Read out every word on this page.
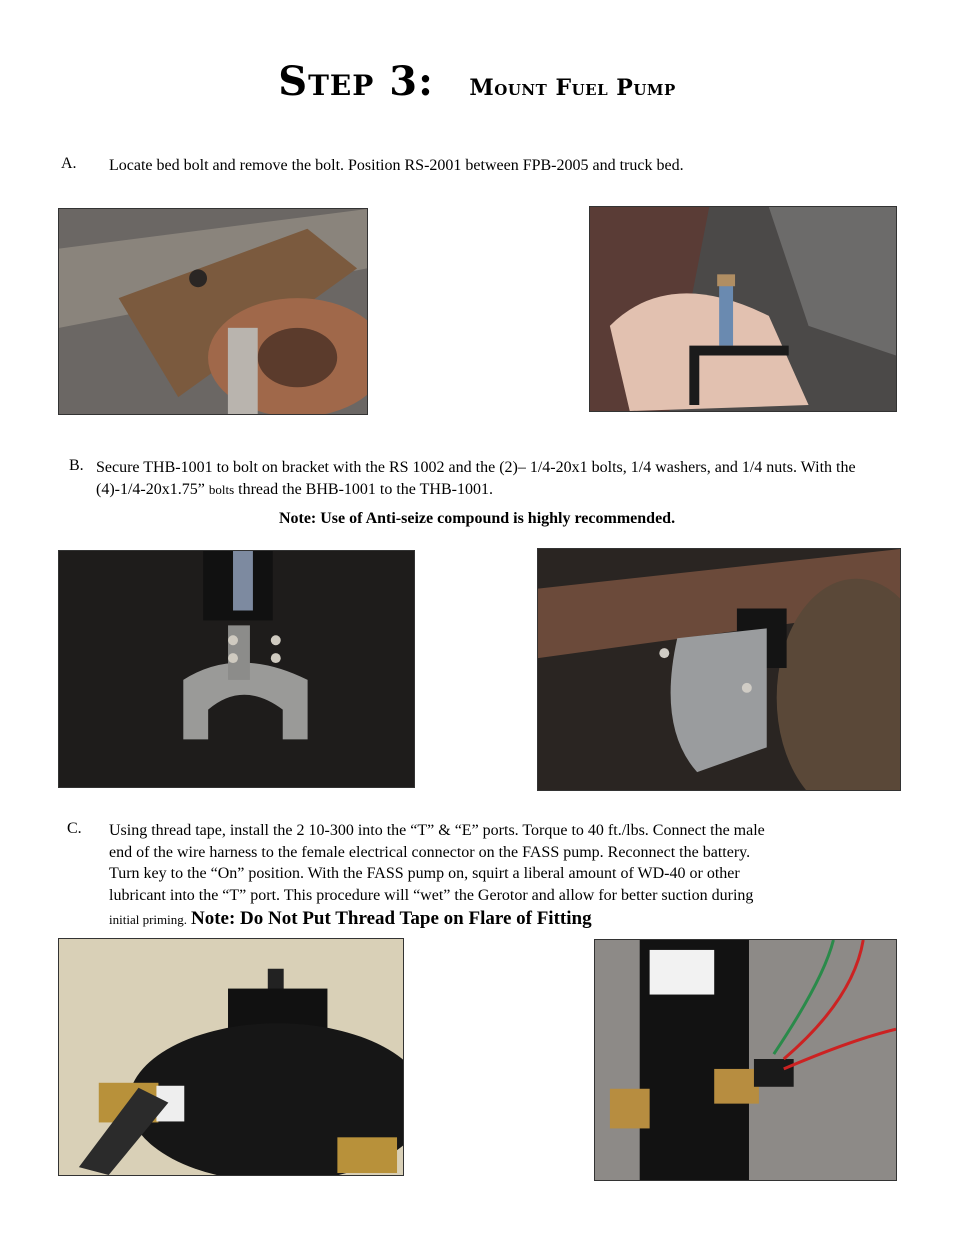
Step 3: Mount Fuel Pump
A. Locate bed bolt and remove the bolt. Position RS-2001 between FPB-2005 and truck bed.
B. Secure THB-1001 to bolt on bracket with the RS 1002 and the (2)– 1/4-20x1 bolts, 1/4 washers, and 1/4 nuts. With the (4)-1/4-20x1.75” bolts thread the BHB-1001 to the THB-1001.
Note: Use of Anti-seize compound is highly recommended.
C. Using thread tape, install the 2 10-300 into the “T” & “E” ports. Torque to 40 ft./lbs. Connect the male
end of the wire harness to the female electrical connector on the FASS pump. Reconnect the battery.
Turn key to the “On” position. With the FASS pump on, squirt a liberal amount of WD-40 or other
lubricant into the “T” port. This procedure will “wet” the Gerotor and allow for better suction during
initial priming. Note: Do Not Put Thread Tape on Flare of Fitting
